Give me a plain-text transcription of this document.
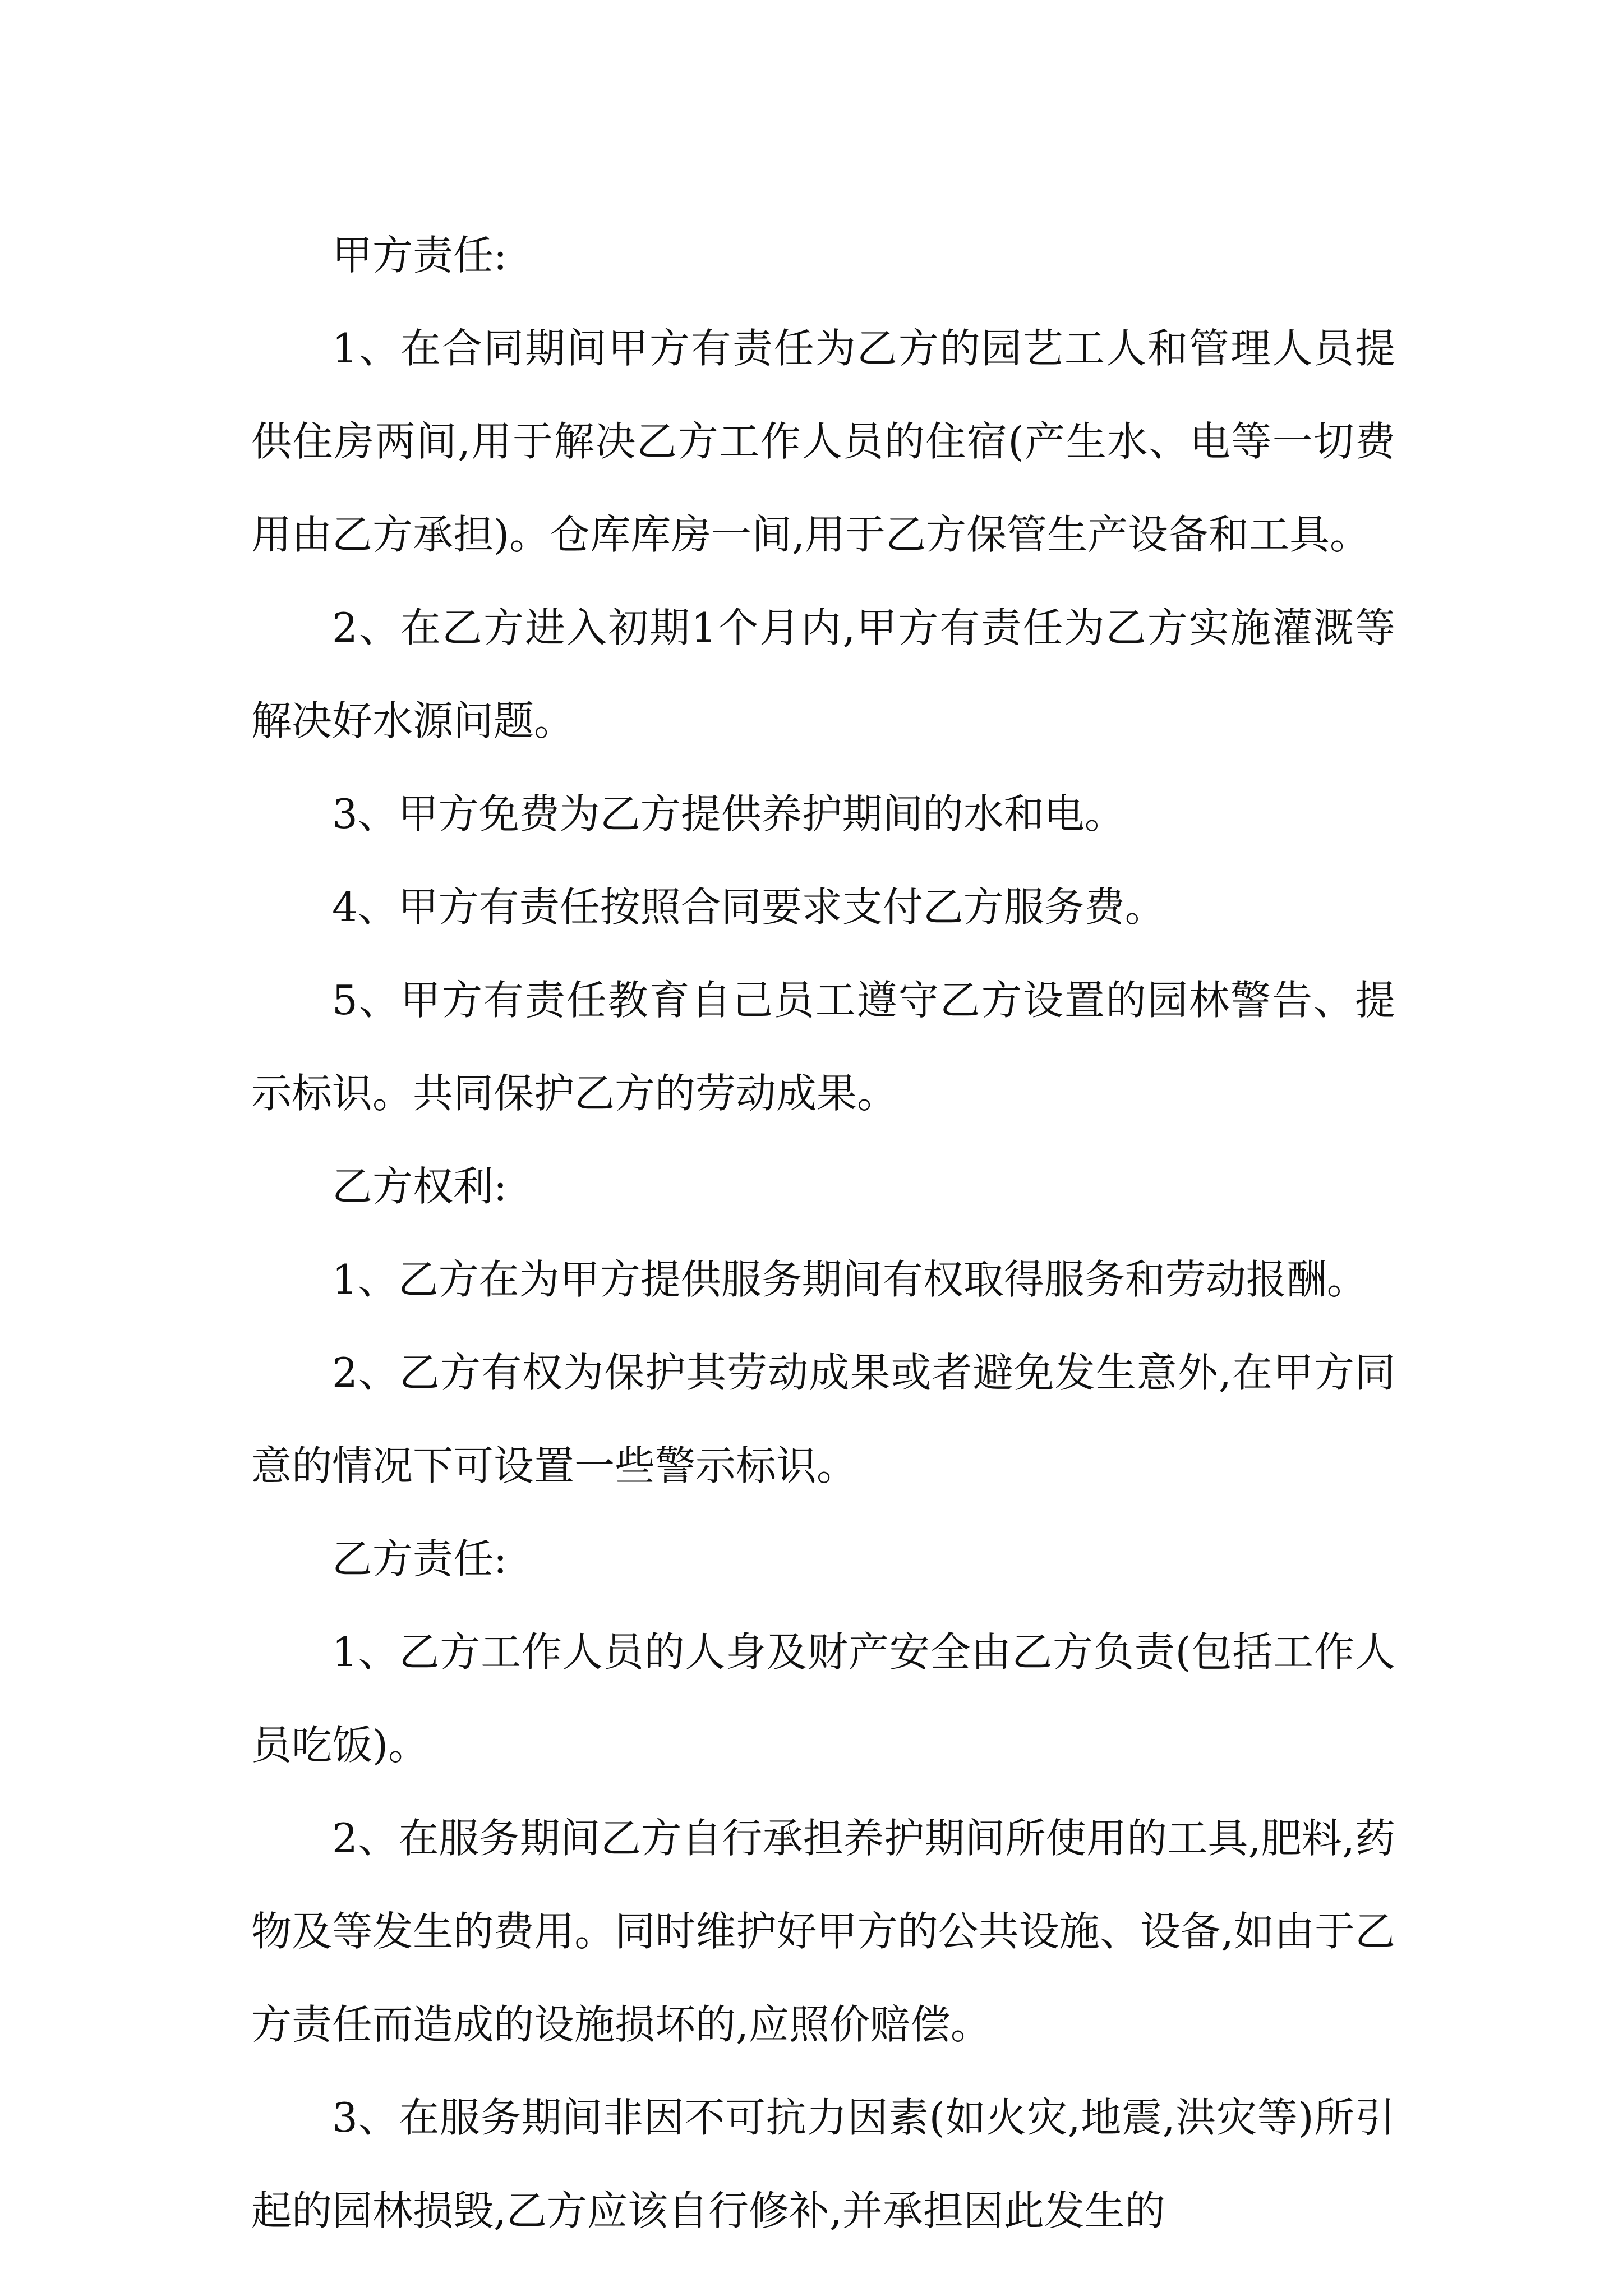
甲方责任:

1、在合同期间甲方有责任为乙方的园艺工人和管理人员提供住房两间,用于解决乙方工作人员的住宿(产生水、电等一切费用由乙方承担)。仓库库房一间,用于乙方保管生产设备和工具。

2、在乙方进入初期1个月内,甲方有责任为乙方实施灌溉等解决好水源问题。

3、甲方免费为乙方提供养护期间的水和电。

4、甲方有责任按照合同要求支付乙方服务费。

5、甲方有责任教育自己员工遵守乙方设置的园林警告、提示标识。共同保护乙方的劳动成果。

乙方权利:

1、乙方在为甲方提供服务期间有权取得服务和劳动报酬。

2、乙方有权为保护其劳动成果或者避免发生意外,在甲方同意的情况下可设置一些警示标识。

乙方责任:

1、乙方工作人员的人身及财产安全由乙方负责(包括工作人员吃饭)。

2、在服务期间乙方自行承担养护期间所使用的工具,肥料,药物及等发生的费用。同时维护好甲方的公共设施、设备,如由于乙方责任而造成的设施损坏的,应照价赔偿。

3、在服务期间非因不可抗力因素(如火灾,地震,洪灾等)所引起的园林损毁,乙方应该自行修补,并承担因此发生的
